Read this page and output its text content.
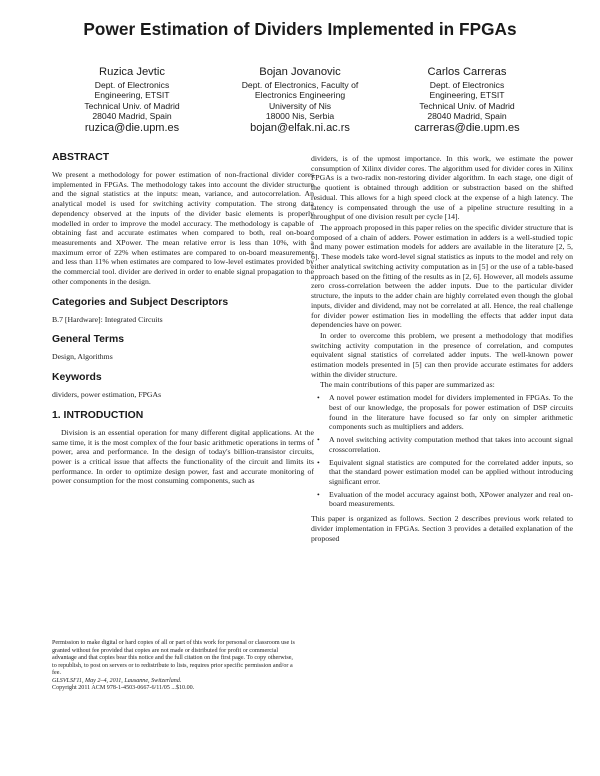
Power Estimation of Dividers Implemented in FPGAs
Ruzica Jevtic
Dept. of Electronics
Engineering, ETSIT
Technical Univ. of Madrid
28040 Madrid, Spain
ruzica@die.upm.es
Bojan Jovanovic
Dept. of Electronics, Faculty of
Electronics Engineering
University of Nis
18000 Nis, Serbia
bojan@elfak.ni.ac.rs
Carlos Carreras
Dept. of Electronics
Engineering, ETSIT
Technical Univ. of Madrid
28040 Madrid, Spain
carreras@die.upm.es
ABSTRACT

We present a methodology for power estimation of non-fractional divider cores implemented in FPGAs. The methodology takes into account the divider structure and the signal statistics at the inputs: mean, variance, and autocorrelation. An analytical model is used for switching activity computation. The strong data dependency observed at the inputs of the divider basic elements is properly modelled in order to improve the model accuracy. The methodology is capable of obtaining fast and accurate estimates when compared to both, real on-board measurements and XPower. The mean relative error is less than 10%, with a maximum error of 22% when estimates are compared to on-board measurements and less than 11% when estimates are compared to low-level estimates provided by the commercial tool. divider are derived in order to enable signal propagation to the other components in the design.

Categories and Subject Descriptors

B.7 [Hardware]: Integrated Circuits

General Terms

Design, Algorithms

Keywords

dividers, power estimation, FPGAs

1. INTRODUCTION

Division is an essential operation for many different digital applications. At the same time, it is the most complex of the four basic arithmetic operations in terms of power, area and performance. In the design of today's billion-transistor circuits, power is a critical issue that affects the functionality of the circuit and limits its performance. In order to optimize design power, fast and accurate monitoring of power consumption for the most consuming components, such as

Permission to make digital or hard copies of all or part of this work for personal or classroom use is granted without fee provided that copies are not made or distributed for profit or commercial advantage and that copies bear this notice and the full citation on the first page. To copy otherwise, to republish, to post on servers or to redistribute to lists, requires prior specific permission and/or a fee.

GLSVLSI'11, May 2–4, 2011, Lausanne, Switzerland.

Copyright 2011 ACM 978-1-4503-0667-6/11/05 ...$10.00.

dividers, is of the upmost importance. In this work, we estimate the power consumption of Xilinx divider cores. The algorithm used for divider cores in Xilinx FPGAs is a two-radix non-restoring divider algorithm. In each stage, one digit of the quotient is obtained through addition or substraction based on the shifted residual. This allows for a high speed clock at the expense of a high latency. The latency is compensated through the use of a pipeline structure resulting in a throughput of one division result per cycle [14].

The approach proposed in this paper relies on the specific divider structure that is composed of a chain of adders. Power estimation in adders is a well-studied topic and many power estimation models for adders are available in the literature [2, 5, 6]. These models take word-level signal statistics as inputs to the model and rely on either analytical switching activity computation as in [5] or the use of a table-based approach based on the fitting of the results as in [2, 6]. However, all models assume zero cross-correlation between the adder inputs. Due to the particular divider structure, the inputs to the adder chain are highly correlated even though the global inputs, divider and dividend, may not be correlated at all. Hence, the real challenge for divider power estimation lies in modelling the effects that adder input data dependencies have on power.

In order to overcome this problem, we present a methodology that modifies switching activity computation in the presence of correlation, and computes equivalent signal statistics of correlated adder inputs. The well-known power estimation models presented in [5] can then provide accurate estimates for adders within the divider structure.

The main contributions of this paper are summarized as:

• A novel power estimation model for dividers implemented in FPGAs. To the best of our knowledge, the proposals for power estimation of DSP circuits found in the literature have focused so far only on simpler arithmetic components such as multipliers and adders.
• A novel switching activity computation method that takes into account signal crosscorrelation.
• Equivalent signal statistics are computed for the correlated adder inputs, so that the standard power estimation model can be applied without introducing significant error.
• Evaluation of the model accuracy against both, XPower analyzer and real on-board measurements.

This paper is organized as follows. Section 2 describes previous work related to divider implementation in FPGAs. Section 3 provides a detailed explanation of the proposed
